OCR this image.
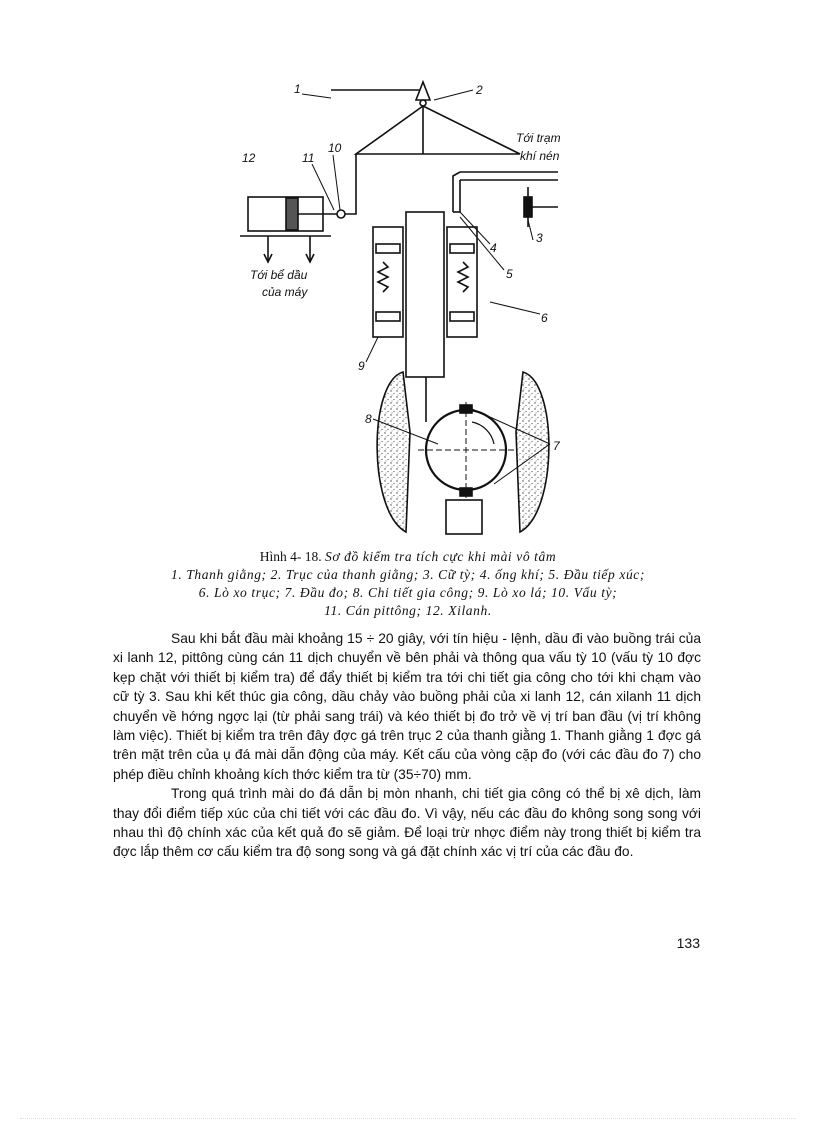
1	2
3
4
5
6
7
8
9
10
11
12
Tới trạm
khí nén
Tới bể dầu
của máy
Hình 4- 18. Sơ đồ kiểm tra tích cực khi mài vô tâm
1. Thanh giằng; 2. Trục của thanh giằng; 3. Cữ tỳ; 4. ống khí; 5. Đầu tiếp xúc;
6. Lò xo trục; 7. Đầu đo; 8. Chi tiết gia công; 9. Lò xo lá; 10. Vấu tỳ;
11. Cán pittông; 12. Xilanh.

Sau khi bắt đầu mài khoảng 15 ÷ 20 giây, với tín hiệu - lệnh, dầu đi vào buồng trái của xi lanh 12, pittông cùng cán 11 dịch chuyển về bên phải và thông qua vấu tỳ 10 (vấu tỳ 10 đợc kẹp chặt với thiết bị kiểm tra) để đẩy thiết bị kiểm tra tới chi tiết gia công cho tới khi chạm vào cữ tỳ 3. Sau khi kết thúc gia công, dầu chảy vào buồng phải của xi lanh 12, cán xilanh 11 dịch chuyển về hớng ngợc lại (từ phải sang trái) và kéo thiết bị đo trở về vị trí ban đầu (vị trí không làm việc). Thiết bị kiểm tra trên đây đợc gá trên trục 2 của thanh giằng 1. Thanh giằng 1 đợc gá trên mặt trên của ụ đá mài dẫn động của máy. Kết cấu của vòng cặp đo (với các đầu đo 7) cho phép điều chỉnh khoảng kích thớc kiểm tra từ (35÷70) mm.

Trong quá trình mài do đá dẫn bị mòn nhanh, chi tiết gia công có thể bị xê dịch, làm thay đổi điểm tiếp xúc của chi tiết với các đầu đo. Vì vậy, nếu các đầu đo không song song với nhau thì độ chính xác của kết quả đo sẽ giảm. Để loại trừ nhợc điểm này trong thiết bị kiểm tra đợc lắp thêm cơ cấu kiểm tra độ song song và gá đặt chính xác vị trí của các đầu đo.

133
